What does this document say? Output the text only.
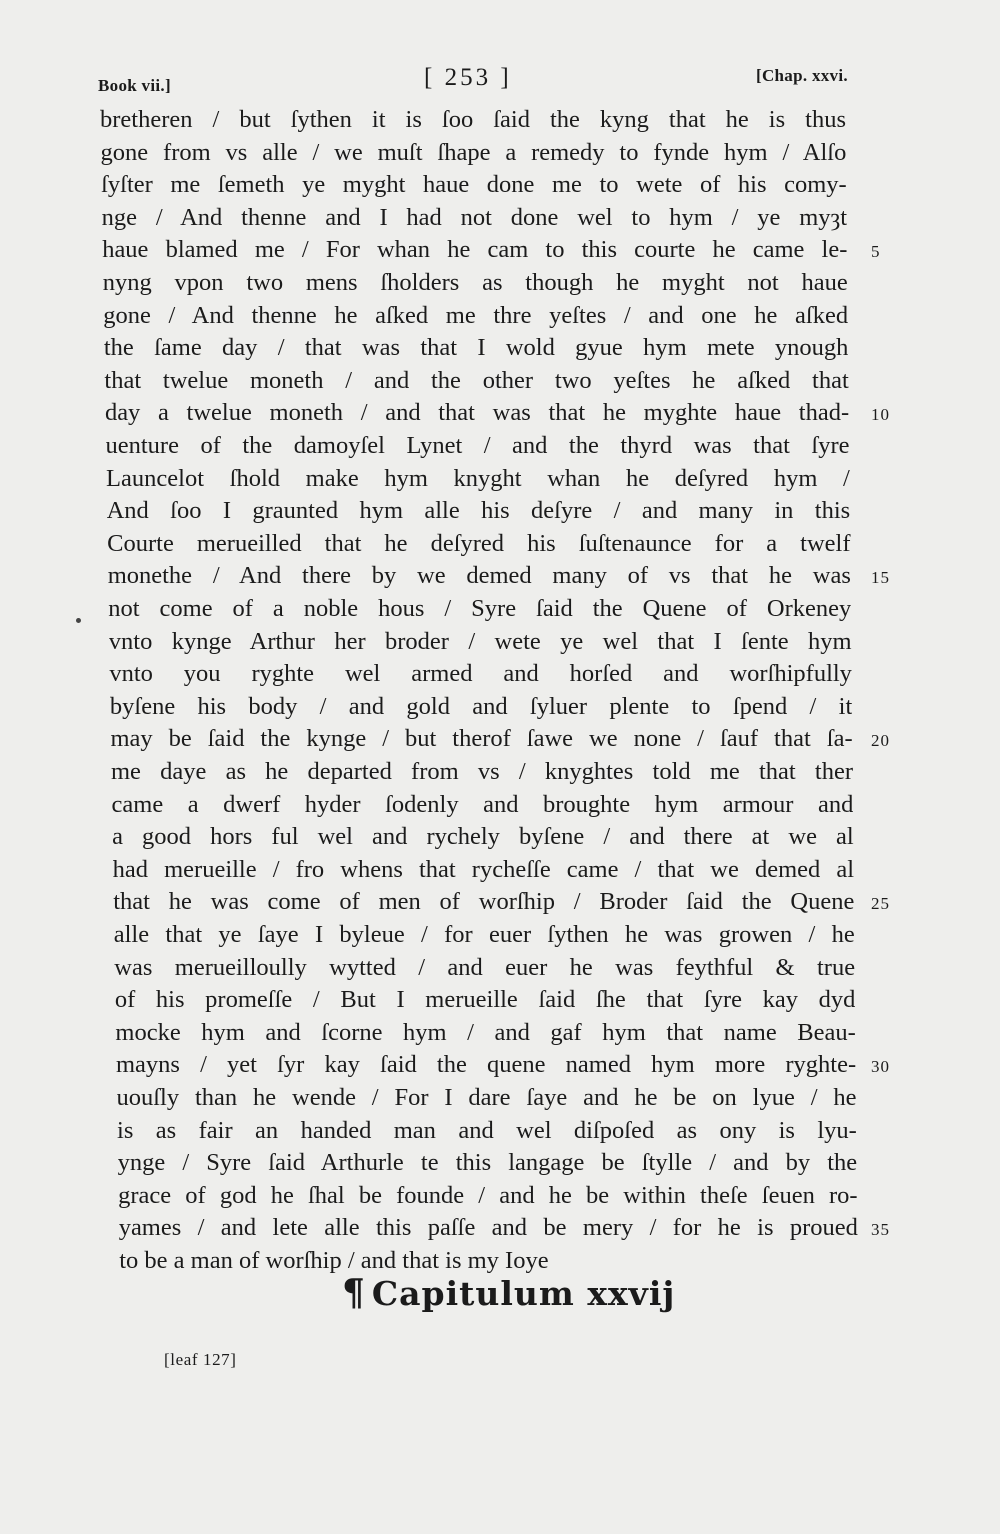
Book vii.]	[ 253 ]	[Chap. xxvi.
bretheren / but ſythen it is ſoo ſaid the kyng that he is thus
gone from vs alle / we muſt ſhape a remedy to fynde hym / Alſo
ſyſter me ſemeth ye myght haue done me to wete of his comy-
nge / And thenne and I had not done wel to hym / ye myȝt
haue blamed me / For whan he cam to this courte he came le-
nyng vpon two mens ſholders as though he myght not haue
gone / And thenne he aſked me thre yeſtes / and one he aſked
the ſame day / that was that I wold gyue hym mete ynough
that twelue moneth / and the other two yeſtes he aſked that
day a twelue moneth / and that was that he myghte haue thad-
uenture of the damoyſel Lynet / and the thyrd was that ſyre
Launcelot ſhold make hym knyght whan he deſyred hym /
And ſoo I graunted hym alle his deſyre / and many in this
Courte merueilled that he deſyred his ſuſtenaunce for a twelf
monethe / And there by we demed many of vs that he was
not come of a noble hous / Syre ſaid the Quene of Orkeney
vnto kynge Arthur her broder / wete ye wel that I ſente hym
vnto you ryghte wel armed and horſed and worſhipfully
byſene his body / and gold and ſyluer plente to ſpend / it
may be ſaid the kynge / but therof ſawe we none / ſauf that ſa-
me daye as he departed from vs / knyghtes told me that ther
came a dwerf hyder ſodenly and broughte hym armour and
a good hors ful wel and rychely byſene / and there at we al
had merueille / fro whens that rycheſſe came / that we demed al
that he was come of men of worſhip / Broder ſaid the Quene
alle that ye ſaye I byleue / for euer ſythen he was growen / he
was merueilloully wytted / and euer he was feythful & true
of his promeſſe / But I merueille ſaid ſhe that ſyre kay dyd
mocke hym and ſcorne hym / and gaf hym that name Beau-
mayns / yet ſyr kay ſaid the quene named hym more ryghte-
uouſly than he wende / For I dare ſaye and he be on lyue / he
is as fair an handed man and wel diſpoſed as ony is lyu-
ynge / Syre ſaid Arthurle te this langage be ſtylle / and by the
grace of god he ſhal be founde / and he be within theſe ſeuen ro-
yames / and lete alle this paſſe and be mery / for he is proued
to be a man of worſhip / and that is my Ioye
5
10
15
20
25
30
35
¶ Capitulum xxvij
[leaf 127]
